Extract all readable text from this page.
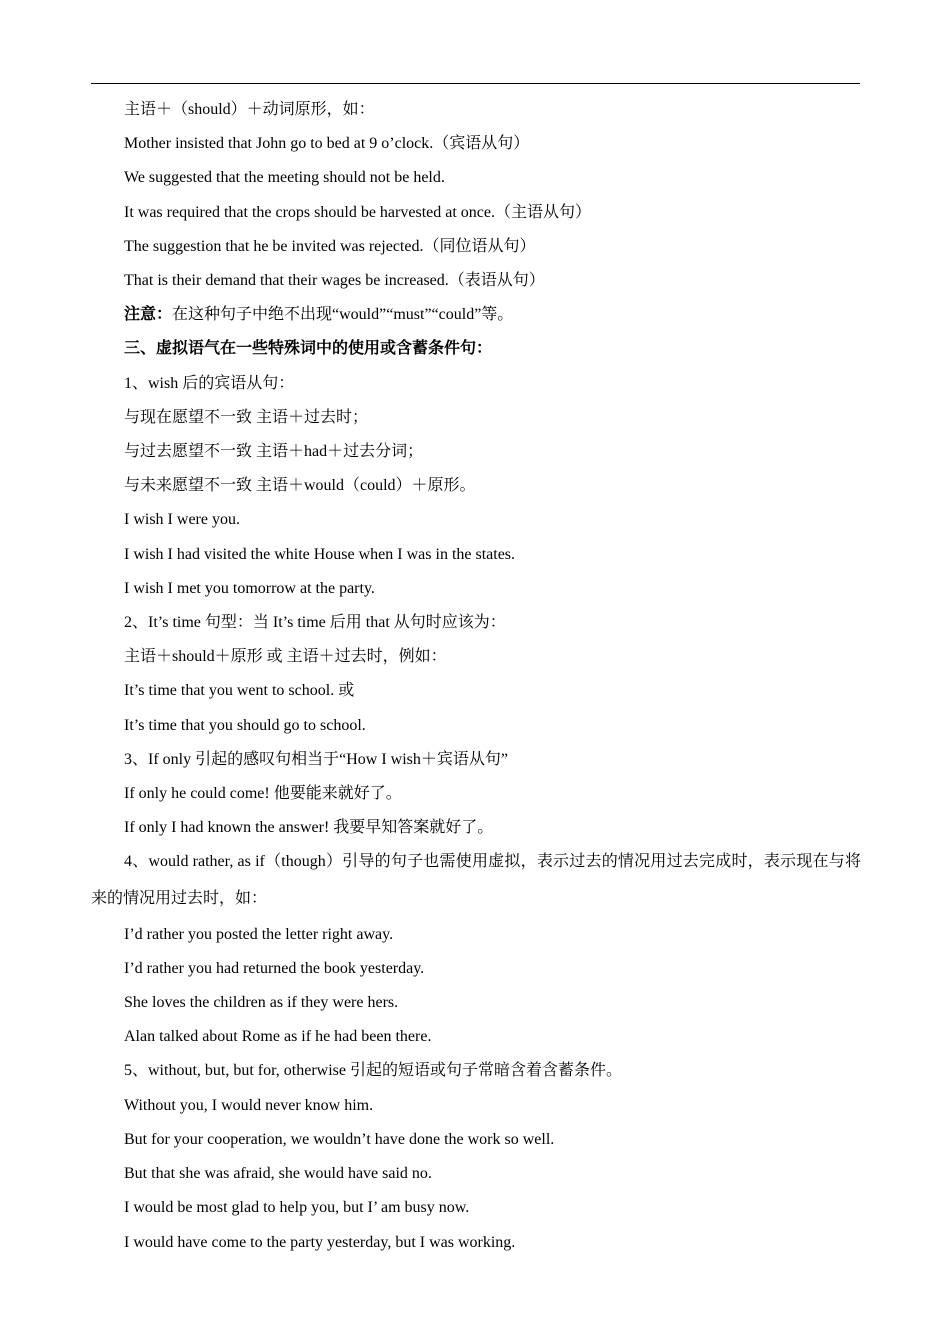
主语＋（should）＋动词原形，如：
Mother insisted that John go to bed at 9 o’clock.（宾语从句）
We suggested that the meeting should not be held.
It was required that the crops should be harvested at once.（主语从句）
The suggestion that he be invited was rejected.（同位语从句）
That is their demand that their wages be increased.（表语从句）
注意：在这种句子中绝不出现“would”“must”“could”等。
三、虚拟语气在一些特殊词中的使用或含蓄条件句：
1、wish 后的宾语从句：
与现在愿望不一致 主语＋过去时；
与过去愿望不一致 主语＋had＋过去分词；
与未来愿望不一致 主语＋would（could）＋原形。
I wish I were you.
I wish I had visited the white House when I was in the states.
I wish I met you tomorrow at the party.
2、It’s time 句型：当 It’s time 后用 that 从句时应该为：
主语＋should＋原形 或 主语＋过去时，例如：
It’s time that you went to school. 或
It’s time that you should go to school.
3、If only 引起的感叹句相当于“How I wish＋宾语从句”
If only he could come! 他要能来就好了。
If only I had known the answer! 我要早知答案就好了。
4、would rather, as if（though）引导的句子也需使用虚拟，表示过去的情况用过去完成时，表示现在与将
来的情况用过去时，如：
I’d rather you posted the letter right away.
I’d rather you had returned the book yesterday.
She loves the children as if they were hers.
Alan talked about Rome as if he had been there.
5、without, but, but for, otherwise 引起的短语或句子常暗含着含蓄条件。
Without you, I would never know him.
But for your cooperation, we wouldn’t have done the work so well.
But that she was afraid, she would have said no.
I would be most glad to help you, but I’ am busy now.
I would have come to the party yesterday, but I was working.
